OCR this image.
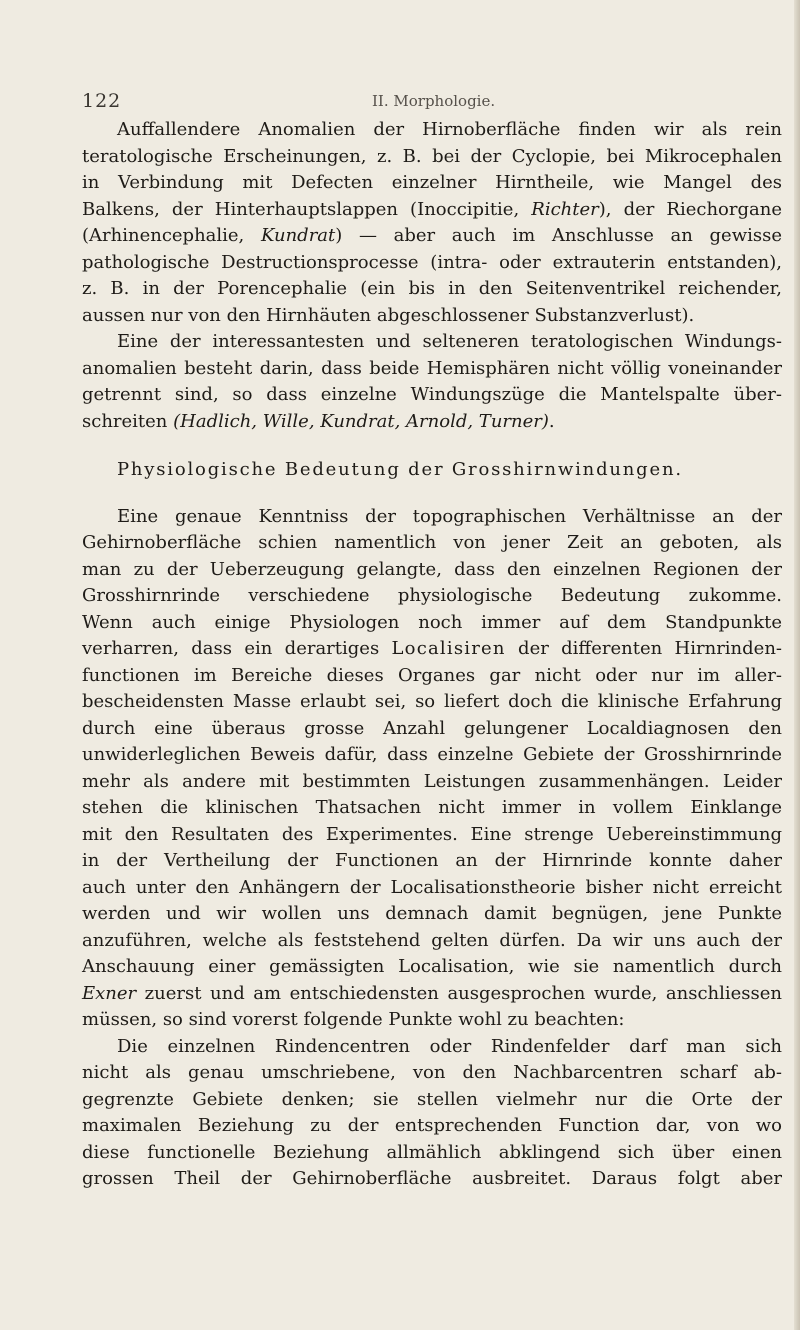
122	II. Morphologie.

Auffallendere Anomalien der Hirnoberfläche finden wir als rein
teratologische Erscheinungen, z. B. bei der Cyclopie, bei Mikrocephalen
in Verbindung mit Defecten einzelner Hirntheile, wie Mangel des
Balkens, der Hinterhauptslappen (Inoccipitie, Richter), der Riechorgane
(Arhinencephalie, Kundrat) — aber auch im Anschlusse an gewisse
pathologische Destructionsprocesse (intra- oder extrauterin entstanden),
z. B. in der Porencephalie (ein bis in den Seitenventrikel reichender,
aussen nur von den Hirnhäuten abgeschlossener Substanzverlust).

Eine der interessantesten und selteneren teratologischen Windungs-
anomalien besteht darin, dass beide Hemisphären nicht völlig voneinander
getrennt sind, so dass einzelne Windungszüge die Mantelspalte über-
schreiten (Hadlich, Wille, Kundrat, Arnold, Turner).

Physiologische Bedeutung der Grosshirnwindungen.

Eine genaue Kenntniss der topographischen Verhältnisse an der
Gehirnoberfläche schien namentlich von jener Zeit an geboten, als
man zu der Ueberzeugung gelangte, dass den einzelnen Regionen der
Grosshirnrinde verschiedene physiologische Bedeutung zukomme.
Wenn auch einige Physiologen noch immer auf dem Standpunkte
verharren, dass ein derartiges Localisiren der differenten Hirnrinden-
functionen im Bereiche dieses Organes gar nicht oder nur im aller-
bescheidensten Masse erlaubt sei, so liefert doch die klinische Erfahrung
durch eine überaus grosse Anzahl gelungener Localdiagnosen den
unwiderleglichen Beweis dafür, dass einzelne Gebiete der Grosshirnrinde
mehr als andere mit bestimmten Leistungen zusammenhängen. Leider
stehen die klinischen Thatsachen nicht immer in vollem Einklange
mit den Resultaten des Experimentes. Eine strenge Uebereinstimmung
in der Vertheilung der Functionen an der Hirnrinde konnte daher
auch unter den Anhängern der Localisationstheorie bisher nicht erreicht
werden und wir wollen uns demnach damit begnügen, jene Punkte
anzuführen, welche als feststehend gelten dürfen. Da wir uns auch der
Anschauung einer gemässigten Localisation, wie sie namentlich durch
Exner zuerst und am entschiedensten ausgesprochen wurde, anschliessen
müssen, so sind vorerst folgende Punkte wohl zu beachten:

Die einzelnen Rindencentren oder Rindenfelder darf man sich
nicht als genau umschriebene, von den Nachbarcentren scharf ab-
gegrenzte Gebiete denken; sie stellen vielmehr nur die Orte der
maximalen Beziehung zu der entsprechenden Function dar, von wo
diese functionelle Beziehung allmählich abklingend sich über einen
grossen Theil der Gehirnoberfläche ausbreitet. Daraus folgt aber
